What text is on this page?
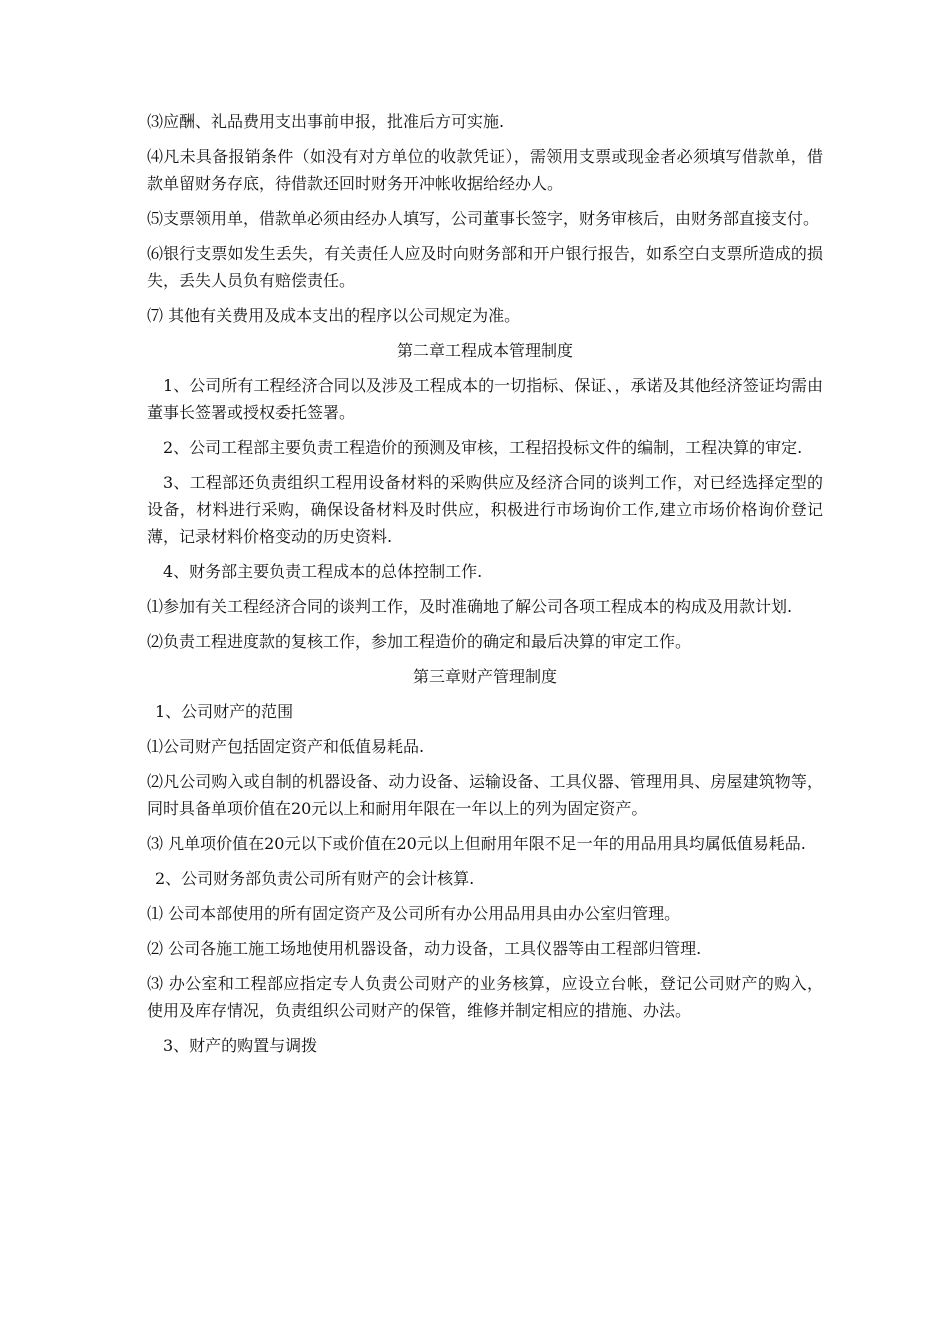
⑶应酬、礼品费用支出事前申报，批准后方可实施.

⑷凡未具备报销条件（如没有对方单位的收款凭证），需领用支票或现金者必须填写借款单，借款单留财务存底，待借款还回时财务开冲帐收据给经办人。

⑸支票领用单，借款单必须由经办人填写，公司董事长签字，财务审核后，由财务部直接支付。

⑹银行支票如发生丢失，有关责任人应及时向财务部和开户银行报告，如系空白支票所造成的损失，丢失人员负有赔偿责任。

⑺ 其他有关费用及成本支出的程序以公司规定为准。

第二章工程成本管理制度

1、公司所有工程经济合同以及涉及工程成本的一切指标、保证、，承诺及其他经济签证均需由董事长签署或授权委托签署。

2、公司工程部主要负责工程造价的预测及审核，工程招投标文件的编制，工程决算的审定.

3、工程部还负责组织工程用设备材料的采购供应及经济合同的谈判工作，对已经选择定型的设备，材料进行采购，确保设备材料及时供应，积极进行市场询价工作,建立市场价格询价登记薄，记录材料价格变动的历史资料.

4、财务部主要负责工程成本的总体控制工作.

⑴参加有关工程经济合同的谈判工作，及时准确地了解公司各项工程成本的构成及用款计划.

⑵负责工程进度款的复核工作，参加工程造价的确定和最后决算的审定工作。

第三章财产管理制度

1、公司财产的范围

⑴公司财产包括固定资产和低值易耗品.

⑵凡公司购入或自制的机器设备、动力设备、运输设备、工具仪器、管理用具、房屋建筑物等，同时具备单项价值在20元以上和耐用年限在一年以上的列为固定资产。

⑶ 凡单项价值在20元以下或价值在20元以上但耐用年限不足一年的用品用具均属低值易耗品.

2、公司财务部负责公司所有财产的会计核算.

⑴ 公司本部使用的所有固定资产及公司所有办公用品用具由办公室归管理。

⑵ 公司各施工施工场地使用机器设备，动力设备，工具仪器等由工程部归管理.

⑶ 办公室和工程部应指定专人负责公司财产的业务核算，应设立台帐，登记公司财产的购入，使用及库存情况，负责组织公司财产的保管，维修并制定相应的措施、办法。

3、财产的购置与调拨
